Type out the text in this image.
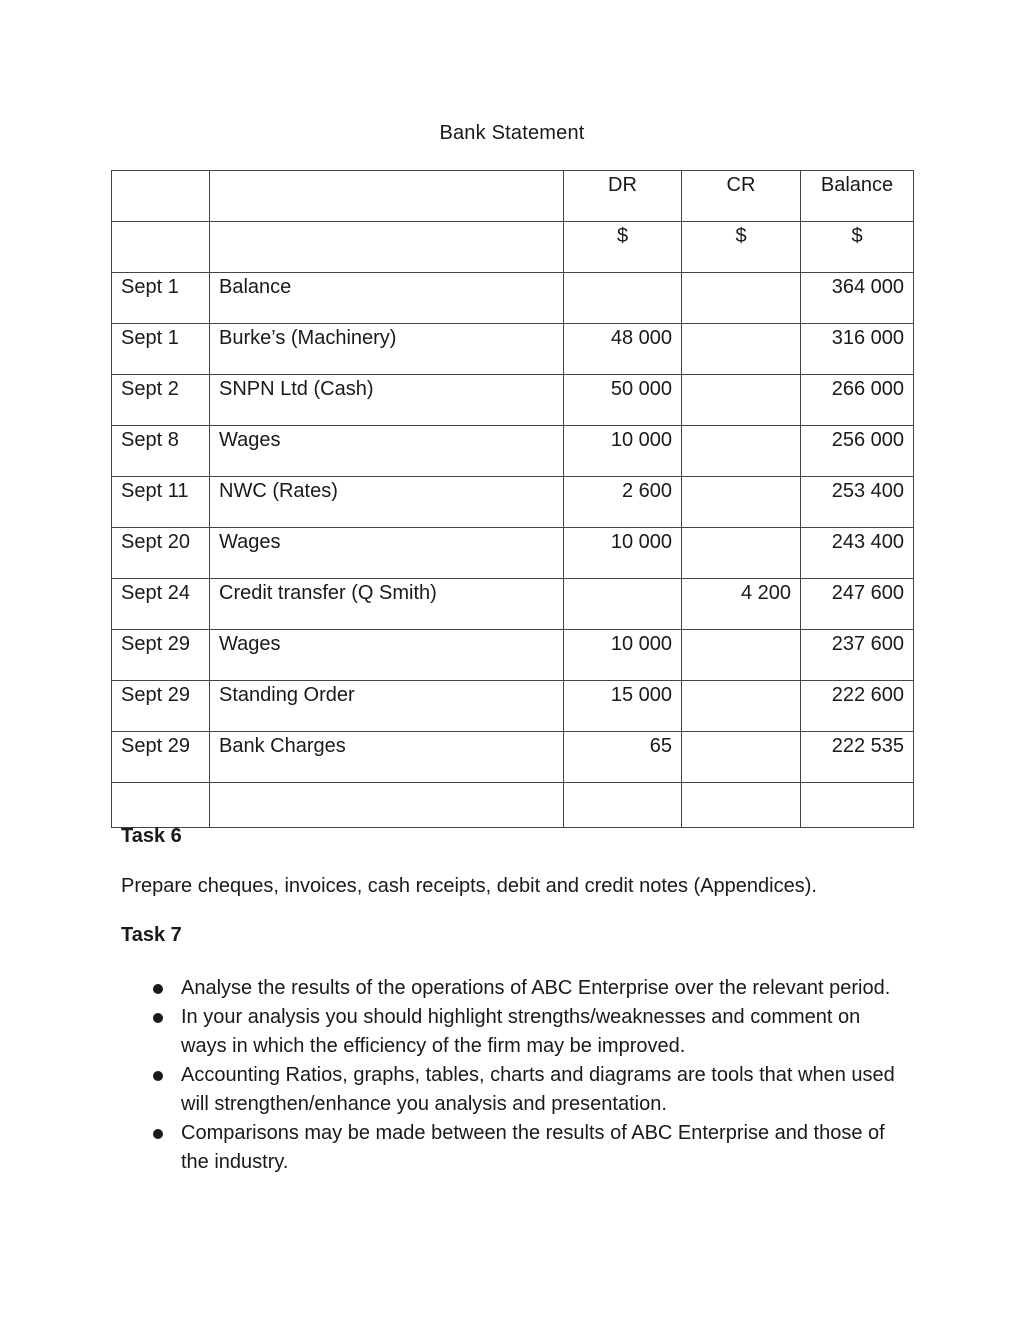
Bank Statement
		DR	CR	Balance
		$	$	$
Sept 1	Balance			364 000
Sept 1	Burke’s (Machinery)	48 000		316 000
Sept 2	SNPN Ltd (Cash)	50 000		266 000
Sept 8	Wages	10 000		256 000
Sept 11	NWC (Rates)	2 600		253 400
Sept 20	Wages	10 000		243 400
Sept 24	Credit transfer (Q Smith)		4 200	247 600
Sept 29	Wages	10 000		237 600
Sept 29	Standing Order	15 000		222 600
Sept 29	Bank Charges	65		222 535

Task 6
Prepare cheques, invoices, cash receipts, debit and credit notes (Appendices).
Task 7
Analyse the results of the operations of ABC Enterprise over the relevant period.
In your analysis you should highlight strengths/weaknesses and comment on ways in which the efficiency of the firm may be improved.
Accounting Ratios, graphs, tables, charts and diagrams are tools that when used will strengthen/enhance you analysis and presentation.
Comparisons may be made between the results of ABC Enterprise and those of the industry.
